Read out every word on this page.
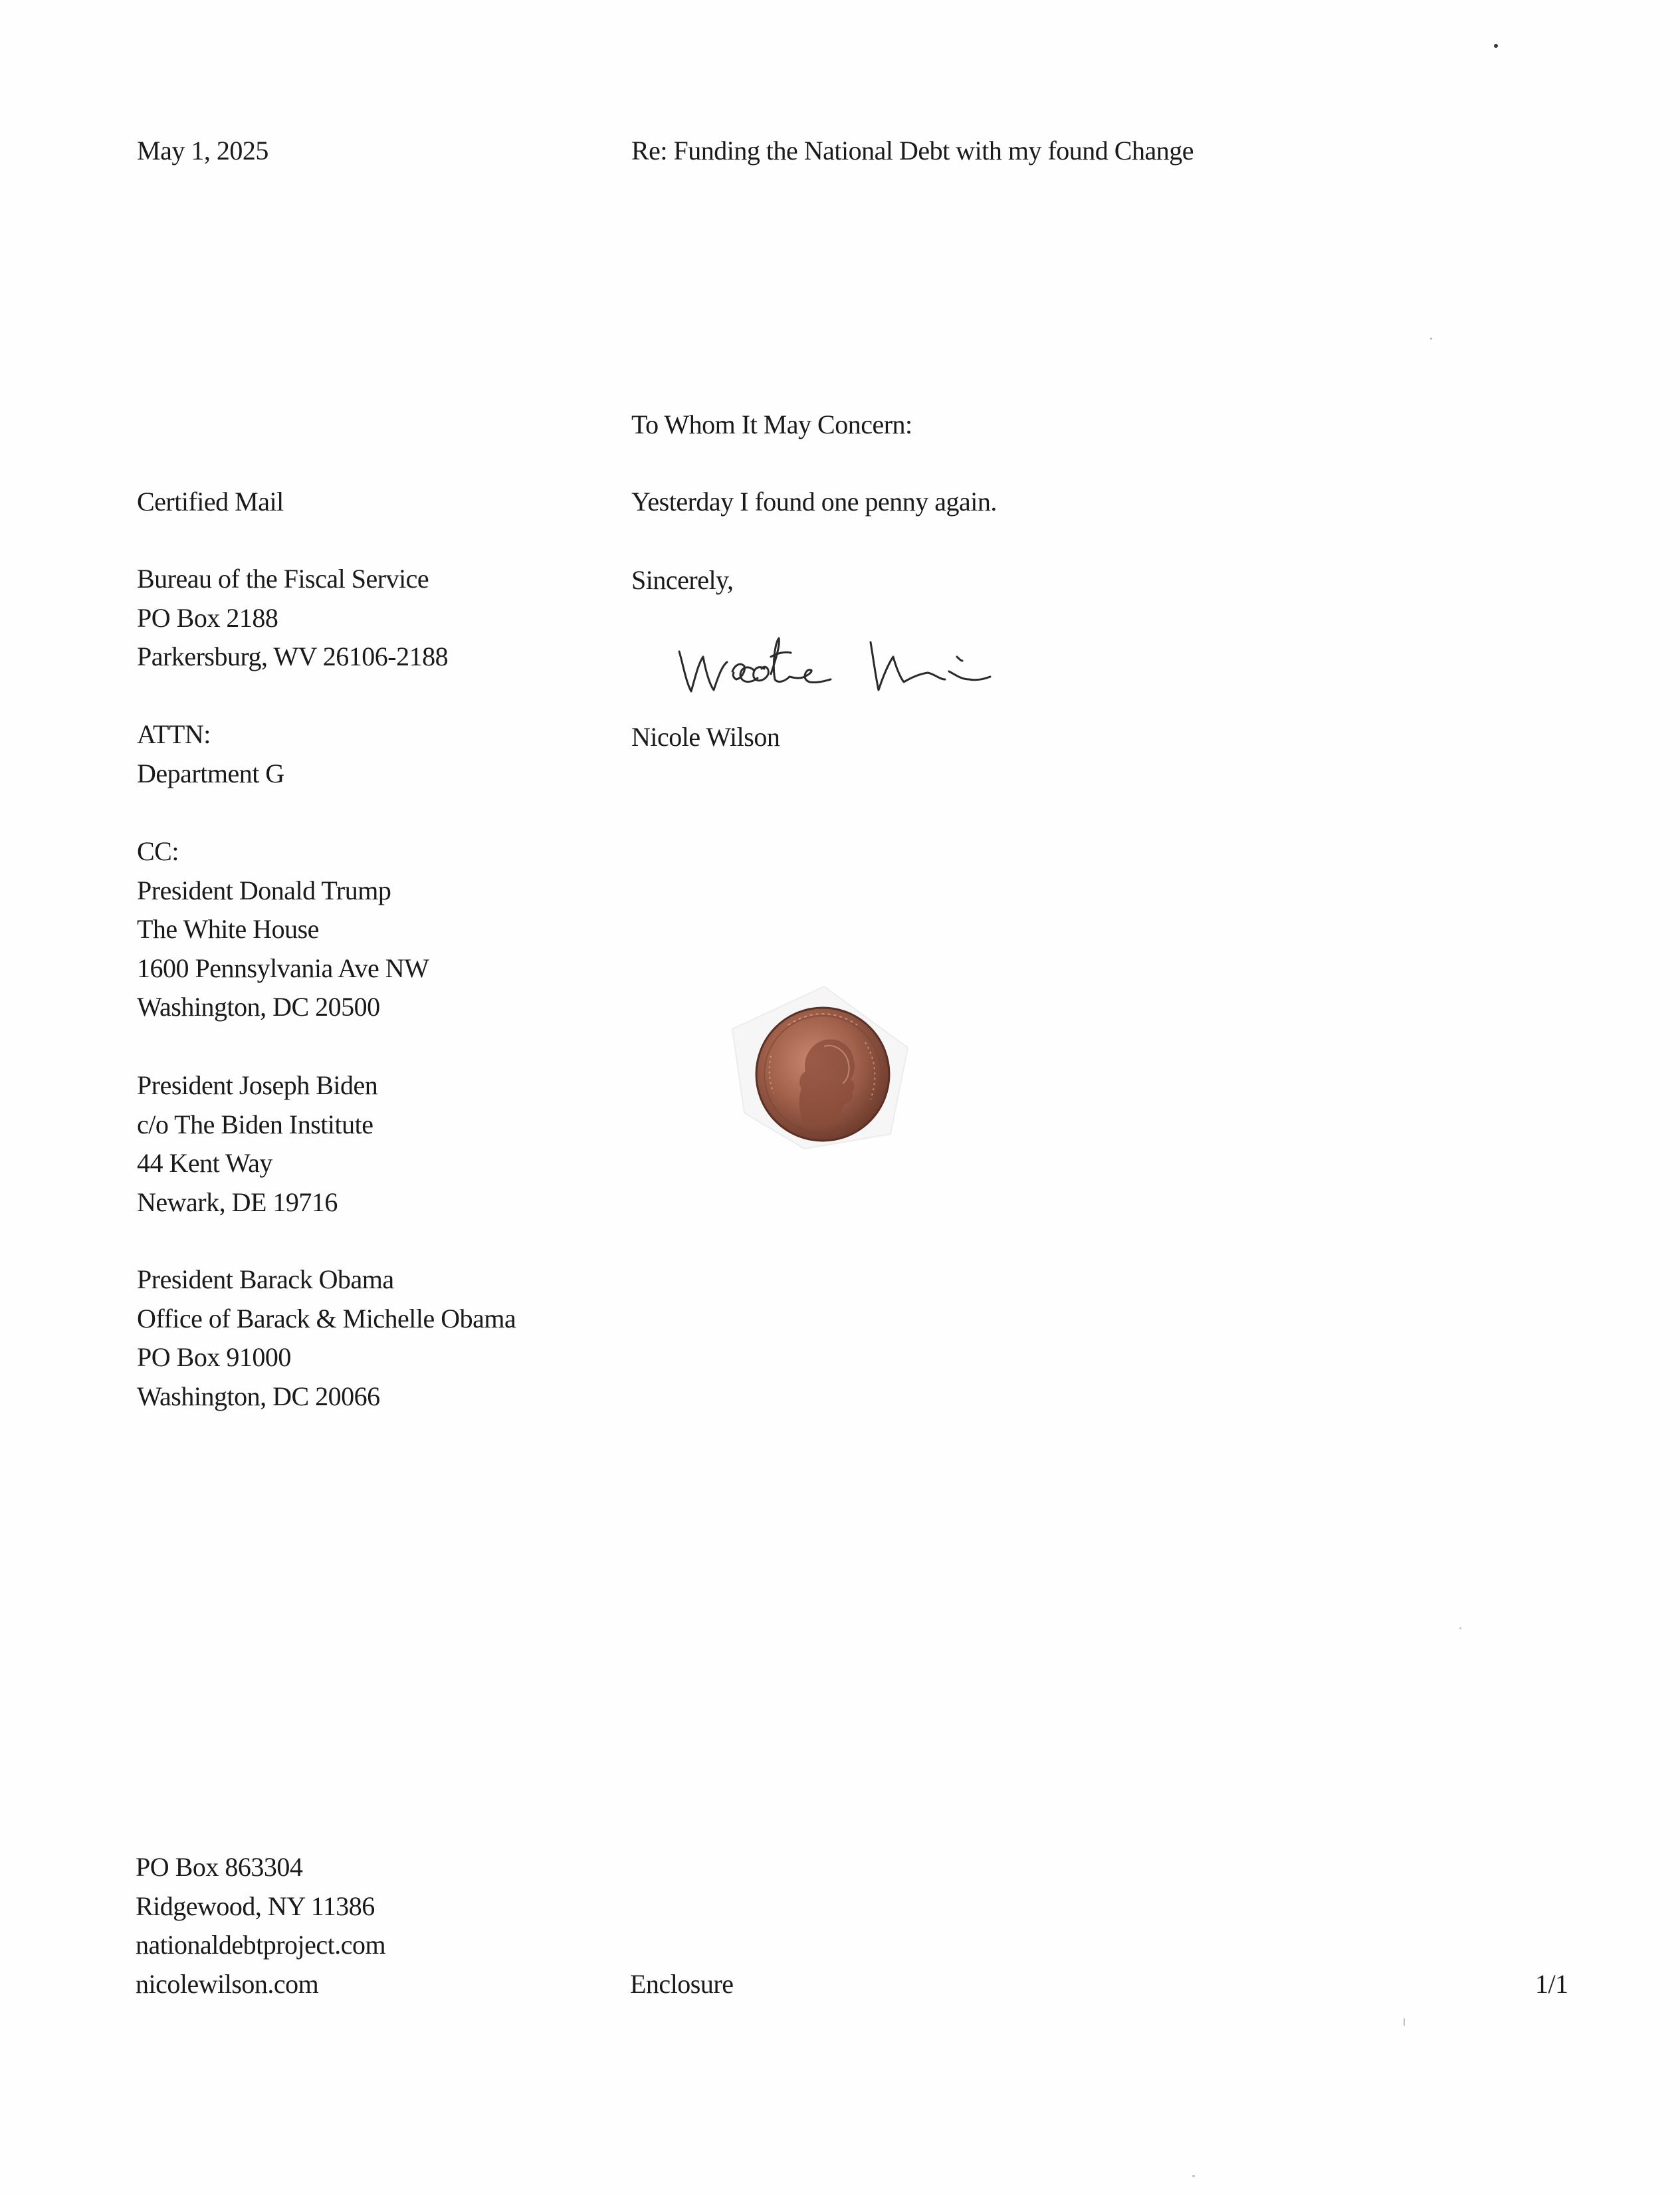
May 1, 2025	Re: Funding the National Debt with my found Change
To Whom It May Concern:
Yesterday I found one penny again.
Sincerely,
Nicole Wilson
Certified Mail
Bureau of the Fiscal Service
PO Box 2188
Parkersburg, WV 26106-2188
ATTN:
Department G
CC:
President Donald Trump
The White House
1600 Pennsylvania Ave NW
Washington, DC 20500
President Joseph Biden
c/o The Biden Institute
44 Kent Way
Newark, DE 19716
President Barack Obama
Office of Barack & Michelle Obama
PO Box 91000
Washington, DC 20066
PO Box 863304
Ridgewood, NY 11386
nationaldebtproject.com
nicolewilson.com	Enclosure	1/1
